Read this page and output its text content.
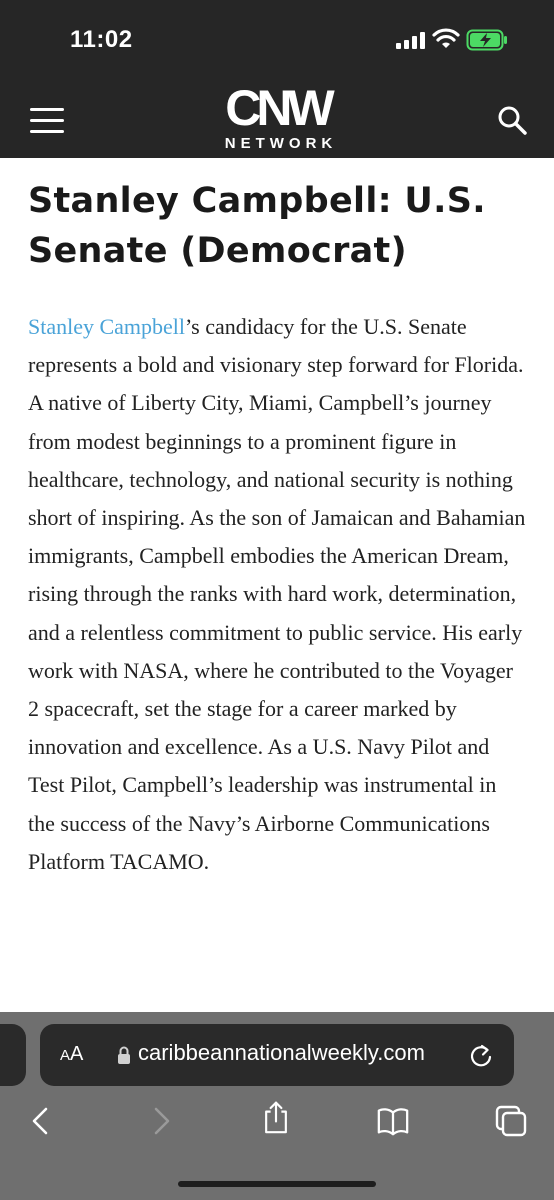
11:02
CNW
NETWORK
Stanley Campbell: U.S. Senate (Democrat)

Stanley Campbell’s candidacy for the U.S. Senate represents a bold and visionary step forward for Florida. A native of Liberty City, Miami, Campbell’s journey from modest beginnings to a prominent figure in healthcare, technology, and national security is nothing short of inspiring. As the son of Jamaican and Bahamian immigrants, Campbell embodies the American Dream, rising through the ranks with hard work, determination, and a relentless commitment to public service. His early work with NASA, where he contributed to the Voyager 2 spacecraft, set the stage for a career marked by innovation and excellence. As a U.S. Navy Pilot and Test Pilot, Campbell’s leadership was instrumental in the success of the Navy’s Airborne Communications Platform TACAMO.

AA caribbeannationalweekly.com
